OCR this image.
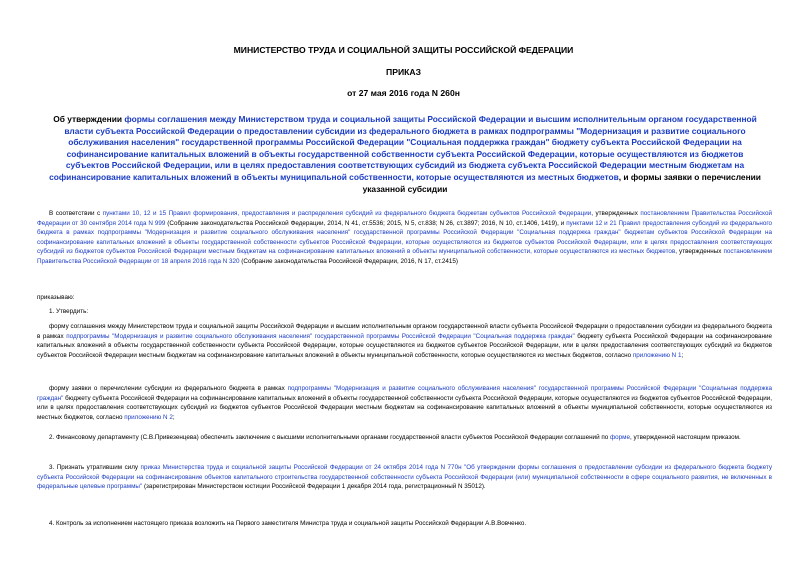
МИНИСТЕРСТВО ТРУДА И СОЦИАЛЬНОЙ ЗАЩИТЫ РОССИЙСКОЙ ФЕДЕРАЦИИ
ПРИКАЗ
от 27 мая 2016 года N 260н
Об утверждении формы соглашения между Министерством труда и социальной защиты Российской Федерации и высшим исполнительным органом государственной власти субъекта Российской Федерации о предоставлении субсидии из федерального бюджета в рамках подпрограммы "Модернизация и развитие социального обслуживания населения" государственной программы Российской Федерации "Социальная поддержка граждан" бюджету субъекта Российской Федерации на софинансирование капитальных вложений в объекты государственной собственности субъекта Российской Федерации, которые осуществляются из бюджетов субъектов Российской Федерации, или в целях предоставления соответствующих субсидий из бюджета субъекта Российской Федерации местным бюджетам на софинансирование капитальных вложений в объекты муниципальной собственности, которые осуществляются из местных бюджетов, и формы заявки о перечислении указанной субсидии
В соответствии с пунктами 10, 12 и 15 Правил формирования, предоставления и распределения субсидий из федерального бюджета бюджетам субъектов Российской Федерации, утвержденных постановлением Правительства Российской Федерации от 30 сентября 2014 года N 999 (Собрание законодательства Российской Федерации, 2014, N 41, ст.5536; 2015, N 5, ст.838; N 26, ст.3897; 2016, N 10, ст.1406, 1419), и пунктами 12 и 21 Правил предоставления субсидий из федерального бюджета в рамках подпрограммы "Модернизация и развитие социального обслуживания населения" государственной программы Российской Федерации "Социальная поддержка граждан" бюджетам субъектов Российской Федерации на софинансирование капитальных вложений в объекты государственной собственности субъектов Российской Федерации, которые осуществляются из бюджетов субъектов Российской Федерации, или в целях предоставления соответствующих субсидий из бюджетов субъектов Российской Федерации местным бюджетам на софинансирование капитальных вложений в объекты муниципальной собственности, которые осуществляются из местных бюджетов, утвержденных постановлением Правительства Российской Федерации от 18 апреля 2016 года N 320 (Собрание законодательства Российской Федерации, 2016, N 17, ст.2415)
приказываю:
1. Утвердить:
форму соглашения между Министерством труда и социальной защиты Российской Федерации и высшим исполнительным органом государственной власти субъекта Российской Федерации о предоставлении субсидии из федерального бюджета в рамках подпрограммы "Модернизация и развитие социального обслуживания населения" государственной программы Российской Федерации "Социальная поддержка граждан" бюджету субъекта Российской Федерации на софинансирование капитальных вложений в объекты государственной собственности субъекта Российской Федерации, которые осуществляются из бюджетов субъектов Российской Федерации, или в целях предоставления соответствующих субсидий из бюджетов субъектов Российской Федерации местным бюджетам на софинансирование капитальных вложений в объекты муниципальной собственности, которые осуществляются из местных бюджетов, согласно приложению N 1;
форму заявки о перечислении субсидии из федерального бюджета в рамках подпрограммы "Модернизация и развитие социального обслуживания населения" государственной программы Российской Федерации "Социальная поддержка граждан" бюджету субъекта Российской Федерации на софинансирование капитальных вложений в объекты государственной собственности субъекта Российской Федерации, которые осуществляются из бюджетов субъектов Российской Федерации, или в целях предоставления соответствующих субсидий из бюджетов субъектов Российской Федерации местным бюджетам на софинансирование капитальных вложений в объекты муниципальной собственности, которые осуществляются из местных бюджетов, согласно приложению N 2;
2. Финансовому департаменту (С.В.Привезенцева) обеспечить заключение с высшими исполнительными органами государственной власти субъектов Российской Федерации соглашений по форме, утвержденной настоящим приказом.
3. Признать утратившим силу приказ Министерства труда и социальной защиты Российской Федерации от 24 октября 2014 года N 770н "Об утверждении формы соглашения о предоставлении субсидии из федерального бюджета бюджету субъекта Российской Федерации на софинансирование объектов капитального строительства государственной собственности субъекта Российской Федерации (или) муниципальной собственности в сфере социального развития, не включенных в федеральные целевые программы" (зарегистрирован Министерством юстиции Российской Федерации 1 декабря 2014 года, регистрационный N 35012).
4. Контроль за исполнением настоящего приказа возложить на Первого заместителя Министра труда и социальной защиты Российской Федерации А.В.Вовченко.
